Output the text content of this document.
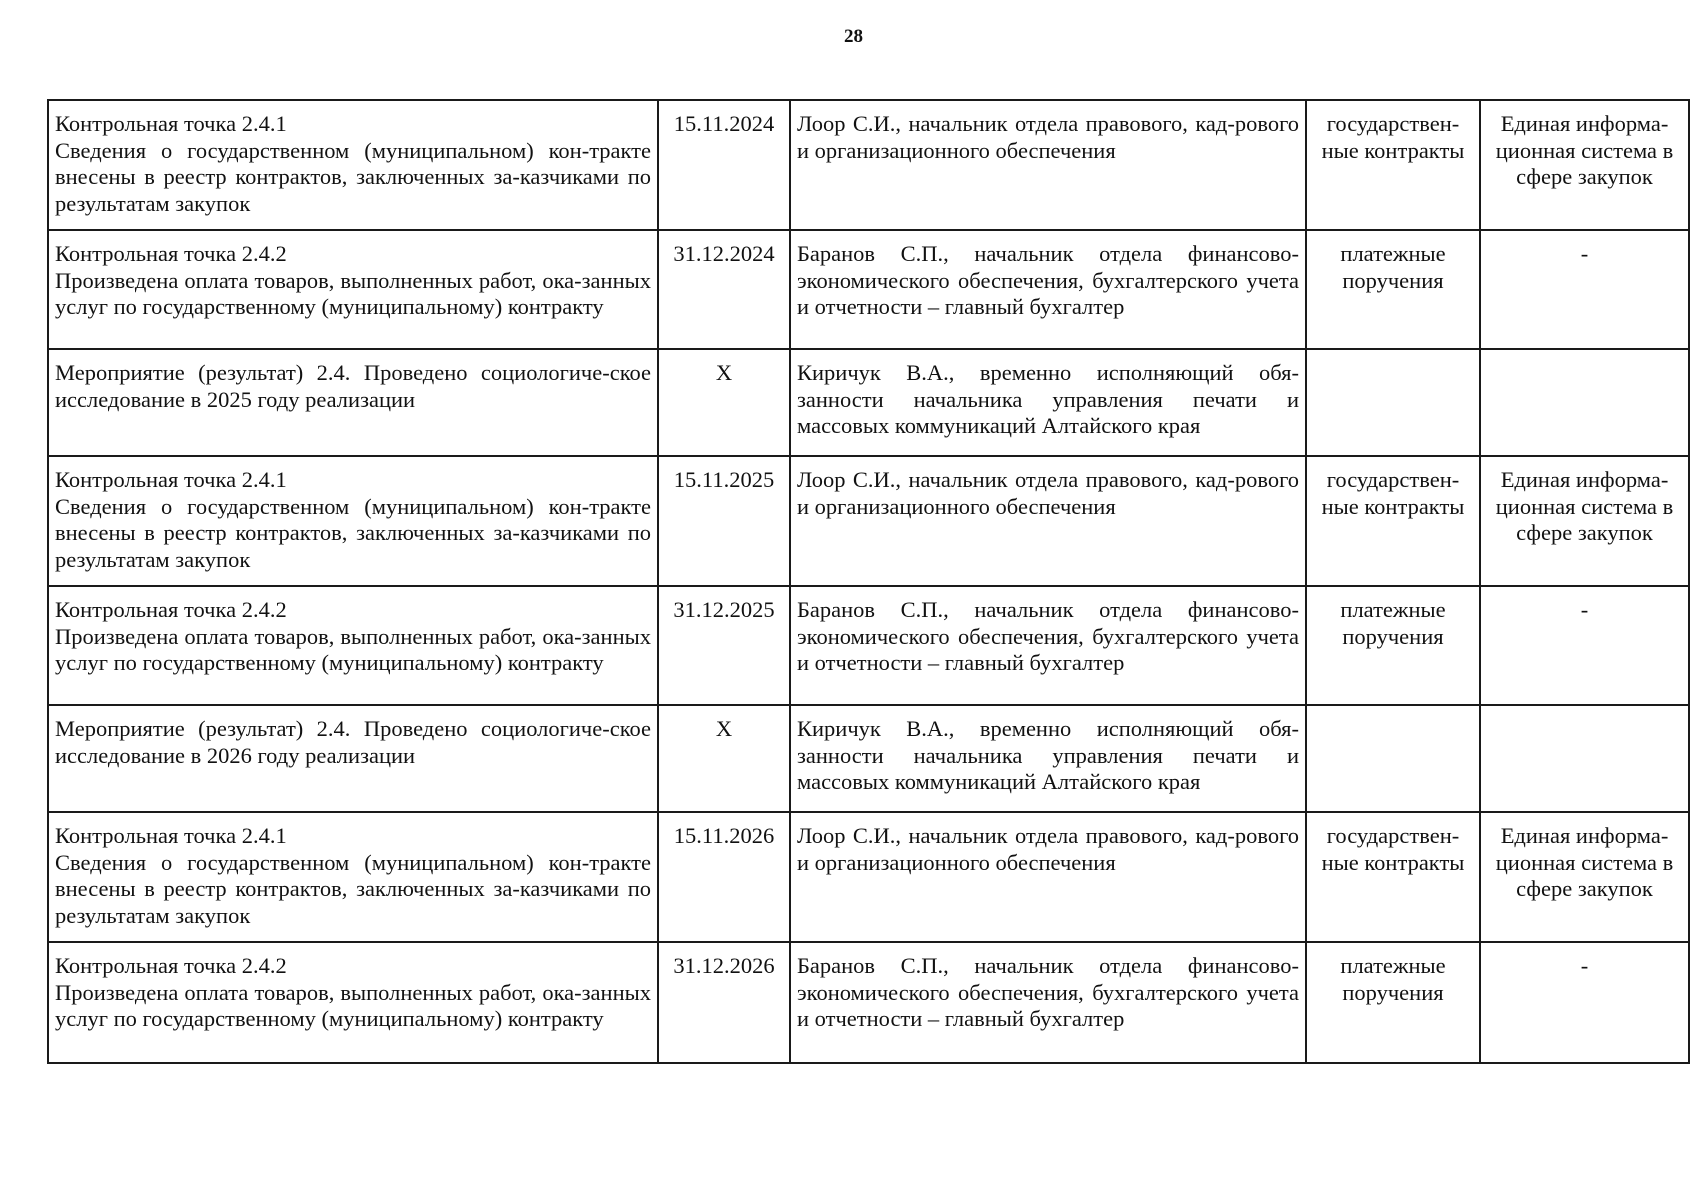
28
Контрольная точка 2.4.1
Сведения о государственном (муниципальном) кон-тракте внесены в реестр контрактов, заключенных за-казчиками по результатам закупок	15.11.2024	Лоор С.И., начальник отдела правового, кад-рового и организационного обеспечения	государствен-ные контракты	Единая информа-ционная система в сфере закупок

Контрольная точка 2.4.2
Произведена оплата товаров, выполненных работ, ока-занных услуг по государственному (муниципальному) контракту	31.12.2024	Баранов С.П., начальник отдела финансово-экономического обеспечения, бухгалтерского учета и отчетности – главный бухгалтер	платежные поручения	-
Мероприятие (результат) 2.4. Проведено социологиче-ское исследование в 2025 году реализации	X	Киричук В.А., временно исполняющий обя-занности начальника управления печати и массовых коммуникаций Алтайского края		

Контрольная точка 2.4.1
Сведения о государственном (муниципальном) кон-тракте внесены в реестр контрактов, заключенных за-казчиками по результатам закупок	15.11.2025	Лоор С.И., начальник отдела правового, кад-рового и организационного обеспечения	государствен-ные контракты	Единая информа-ционная система в сфере закупок

Контрольная точка 2.4.2
Произведена оплата товаров, выполненных работ, ока-занных услуг по государственному (муниципальному) контракту	31.12.2025	Баранов С.П., начальник отдела финансово-экономического обеспечения, бухгалтерского учета и отчетности – главный бухгалтер	платежные поручения	-
Мероприятие (результат) 2.4. Проведено социологиче-ское исследование в 2026 году реализации	X	Киричук В.А., временно исполняющий обя-занности начальника управления печати и массовых коммуникаций Алтайского края		

Контрольная точка 2.4.1
Сведения о государственном (муниципальном) кон-тракте внесены в реестр контрактов, заключенных за-казчиками по результатам закупок	15.11.2026	Лоор С.И., начальник отдела правового, кад-рового и организационного обеспечения	государствен-ные контракты	Единая информа-ционная система в сфере закупок

Контрольная точка 2.4.2
Произведена оплата товаров, выполненных работ, ока-занных услуг по государственному (муниципальному) контракту	31.12.2026	Баранов С.П., начальник отдела финансово-экономического обеспечения, бухгалтерского учета и отчетности – главный бухгалтер	платежные поручения	-
